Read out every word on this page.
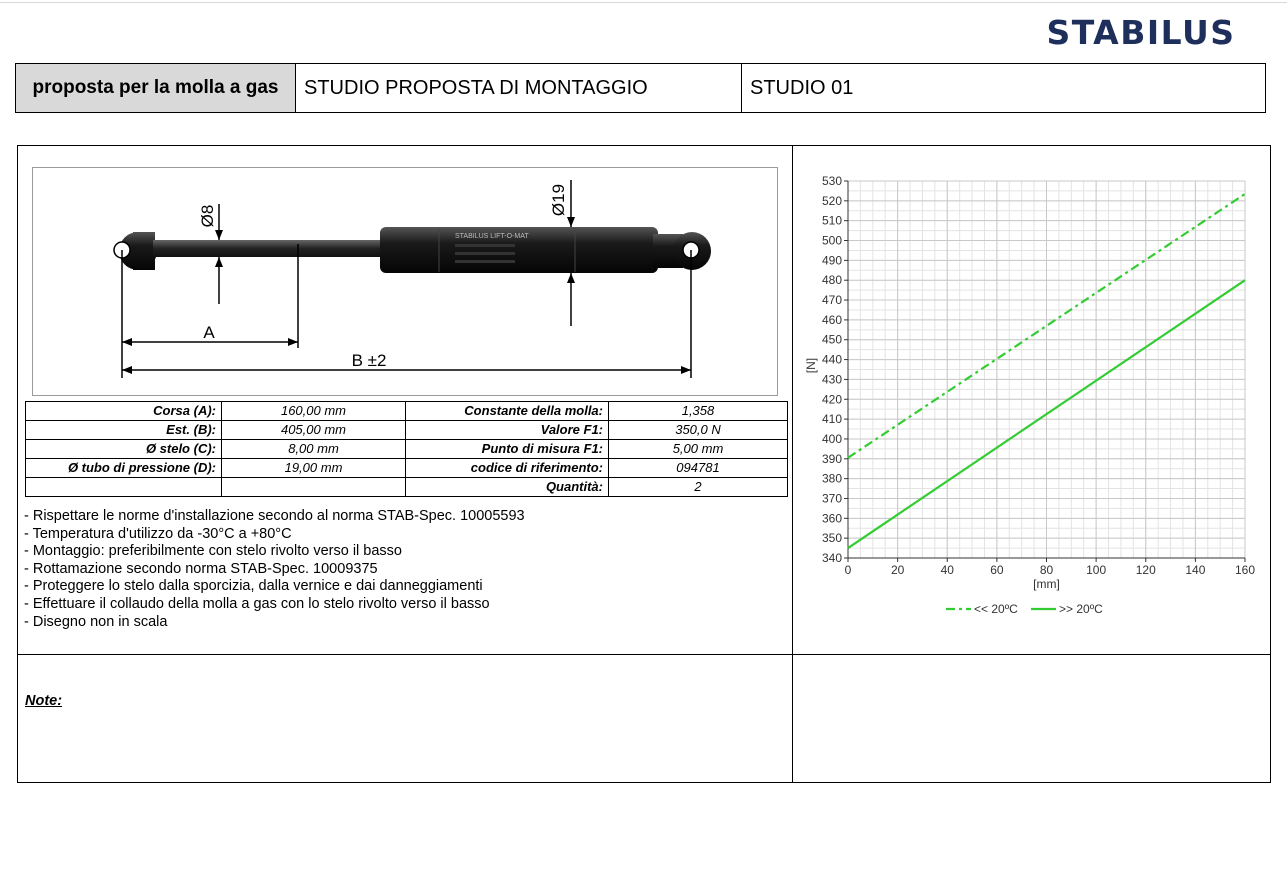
STABILUS
proposta per la molla a gas	STUDIO PROPOSTA DI MONTAGGIO	STUDIO 01
STABILUS LIFT-O-MAT
A
B ±2
Ø8	Ø19
Corsa (A):	160,00 mm	Constante della molla:	1,358
Est. (B):	405,00 mm	Valore F1:	350,0 N
Ø stelo (C):	8,00 mm	Punto di misura F1:	5,00 mm
Ø tubo di pressione (D):	19,00 mm	codice di riferimento:	094781
		Quantità:	2
- Rispettare le norme d'installazione secondo al norma STAB-Spec. 10005593
- Temperatura d'utilizzo da -30°C a +80°C
- Montaggio: preferibilmente con stelo rivolto verso il basso
- Rottamazione secondo norma STAB-Spec. 10009375
- Proteggere lo stelo dalla sporcizia, dalla vernice e dai danneggiamenti
- Effettuare il collaudo della molla a gas con lo stelo rivolto verso il basso
- Disegno non in scala
Note:
0	20	40	60	80	100 120 140 160
340
350
360
370
380
390
400
410
420
430
440
450
460
470
480
490
500
510
520
530
[mm]
[N]
<< 20ºC	>> 20ºC
